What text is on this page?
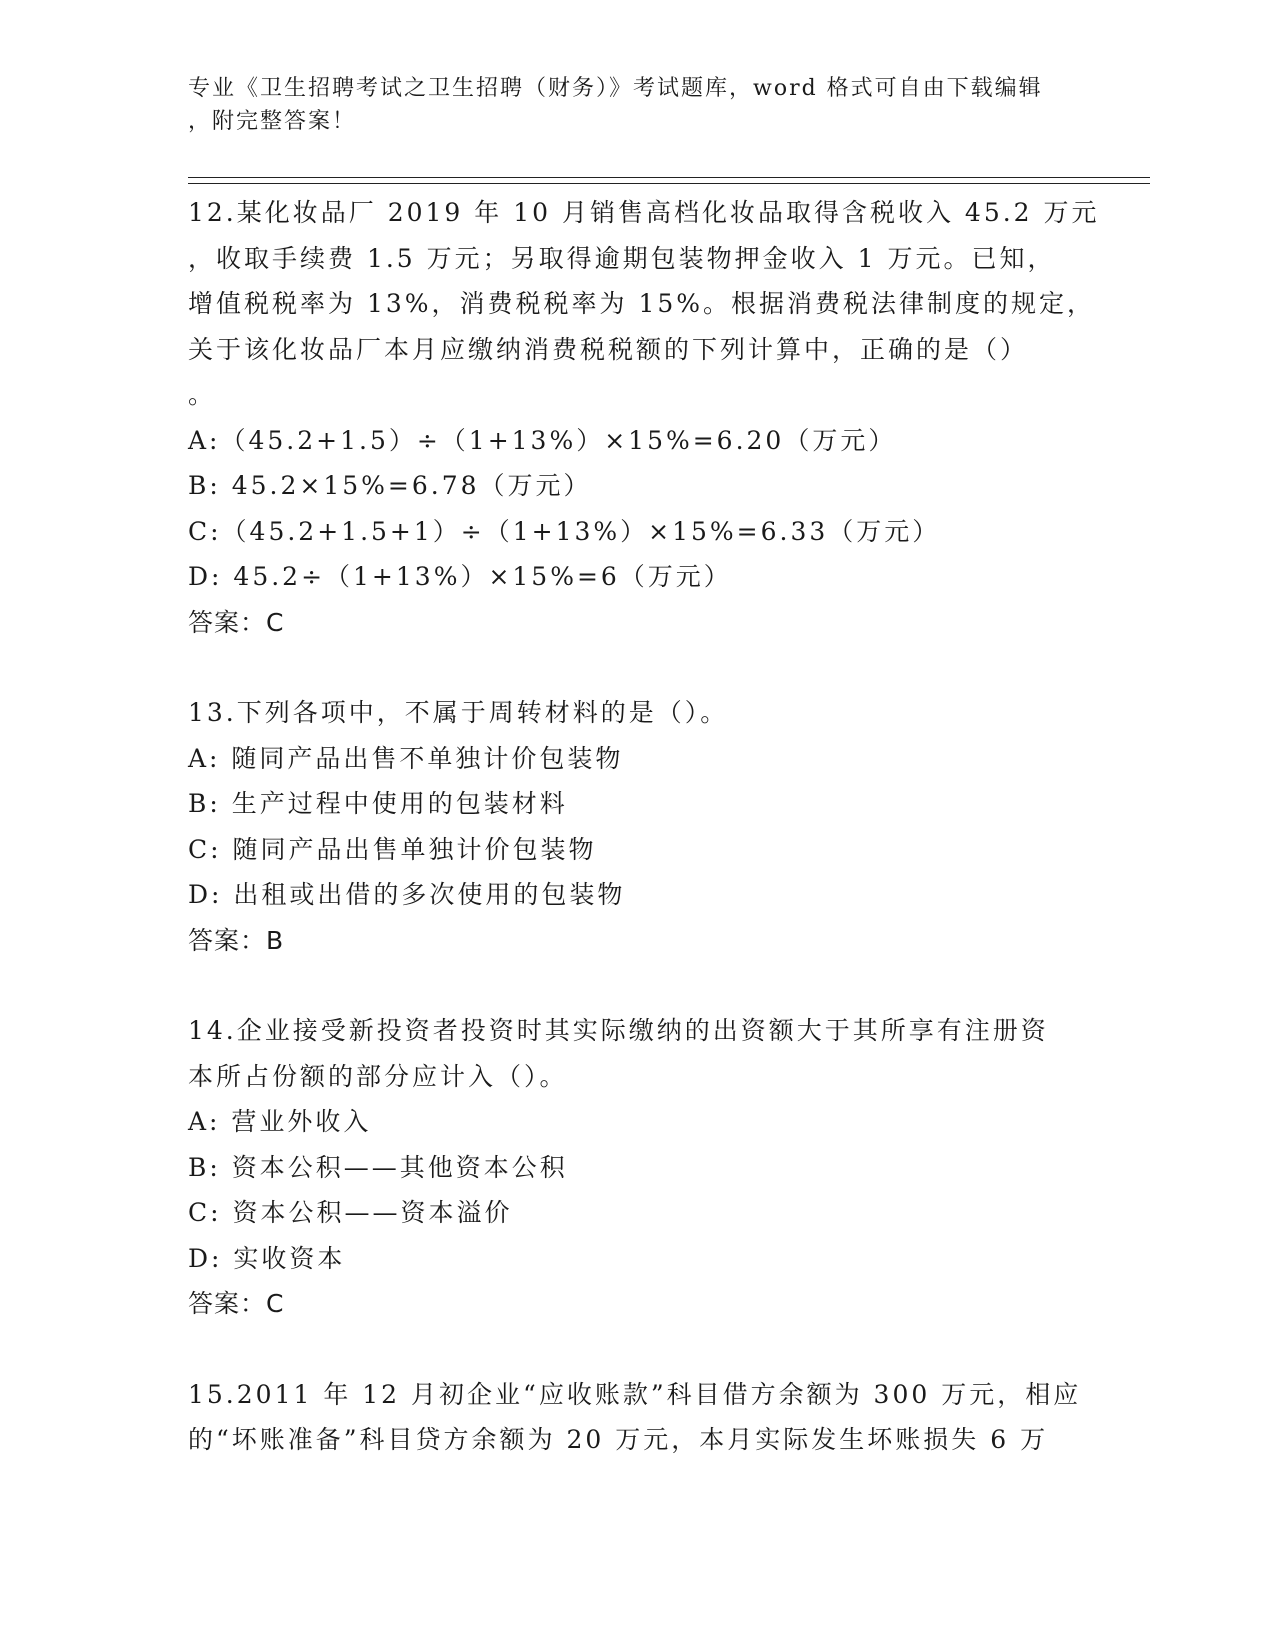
专业《卫生招聘考试之卫生招聘（财务）》考试题库，word 格式可自由下载编辑
，附完整答案！
12.某化妆品厂 2019 年 10 月销售高档化妆品取得含税收入 45.2 万元
，收取手续费 1.5 万元；另取得逾期包装物押金收入 1 万元。已知，
增值税税率为 13%，消费税税率为 15%。根据消费税法律制度的规定，
关于该化妆品厂本月应缴纳消费税税额的下列计算中，正确的是（）
。
A:（45.2+1.5）÷（1+13%）×15%=6.20（万元）
B: 45.2×15%=6.78（万元）
C:（45.2+1.5+1）÷（1+13%）×15%=6.33（万元）
D: 45.2÷（1+13%）×15%=6（万元）
答案：C
13.下列各项中，不属于周转材料的是（）。
A: 随同产品出售不单独计价包装物
B: 生产过程中使用的包装材料
C: 随同产品出售单独计价包装物
D: 出租或出借的多次使用的包装物
答案：B
14.企业接受新投资者投资时其实际缴纳的出资额大于其所享有注册资
本所占份额的部分应计入（）。
A: 营业外收入
B: 资本公积——其他资本公积
C: 资本公积——资本溢价
D: 实收资本
答案：C
15.2011 年 12 月初企业“应收账款”科目借方余额为 300 万元，相应
的“坏账准备”科目贷方余额为 20 万元，本月实际发生坏账损失 6 万
